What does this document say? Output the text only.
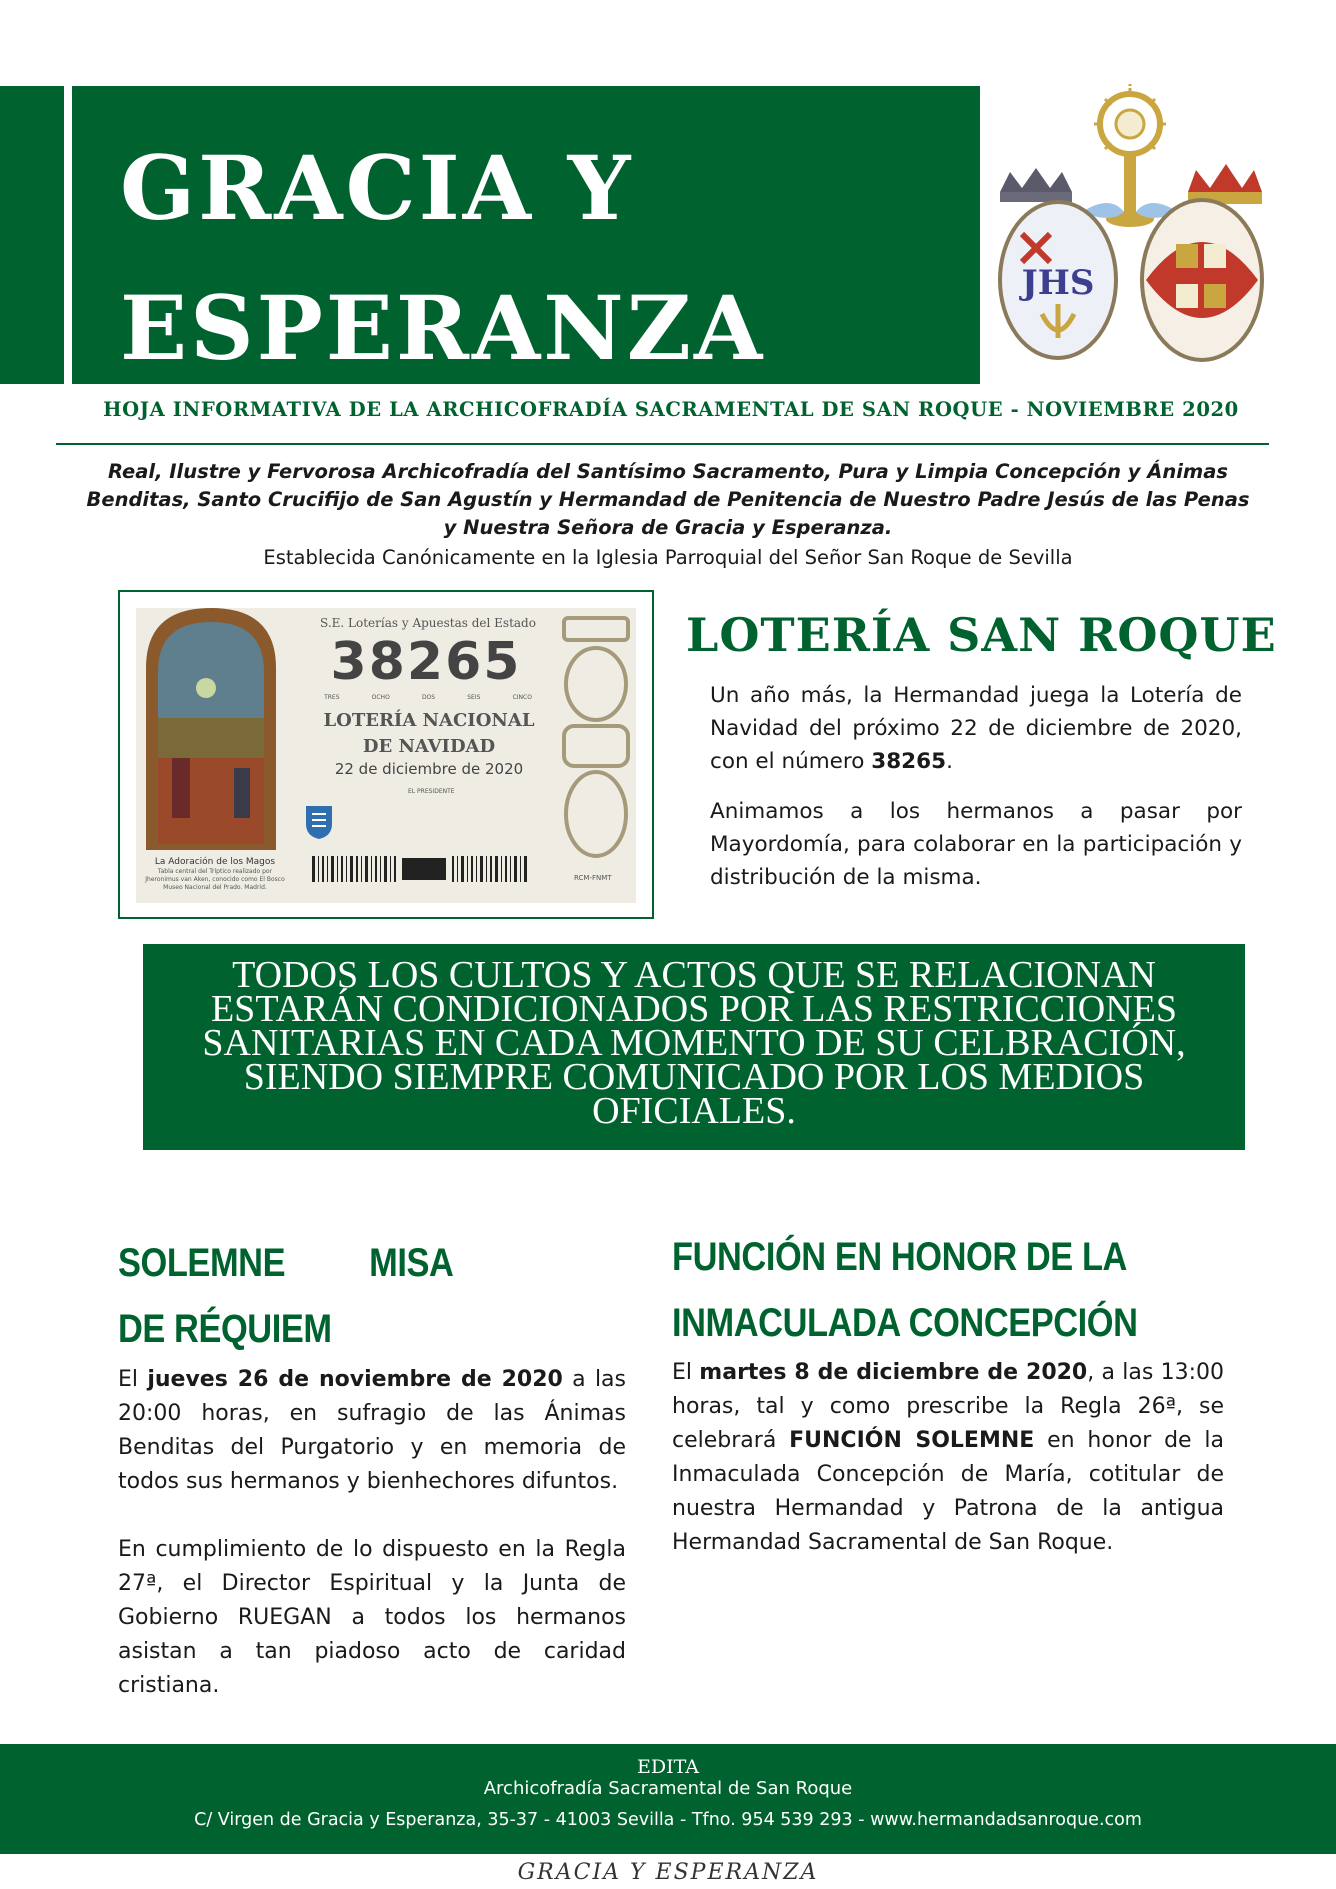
GRACIA Y
ESPERANZA	JHS
HOJA INFORMATIVA DE LA ARCHICOFRADÍA SACRAMENTAL DE SAN ROQUE - NOVIEMBRE 2020
Real, Ilustre y Fervorosa Archicofradía del Santísimo Sacramento, Pura y Limpia Concepción y Ánimas
Benditas, Santo Crucifijo de San Agustín y Hermandad de Penitencia de Nuestro Padre Jesús de las Penas
y Nuestra Señora de Gracia y Esperanza.
Establecida Canónicamente en la Iglesia Parroquial del Señor San Roque de Sevilla
La Adoración de los Magos
Tabla central del Tríptico realizado por
Jheronimus van Aken, conocido como El Bosco
Museo Nacional del Prado. Madrid.
S.E. Loterías y Apuestas del Estado
38265
TRES	OCHO	DOS	SEIS	CINCO
LOTERÍA NACIONAL
DE NAVIDAD
22 de diciembre de 2020
EL PRESIDENTE
RCM-FNMT
LOTERÍA SAN ROQUE

Un año más, la Hermandad juega la Lotería de Navidad del próximo 22 de diciembre de 2020, con el número 38265.

Animamos a los hermanos a pasar por Mayordomía, para colaborar en la participación y distribución de la misma.

TODOS LOS CULTOS Y ACTOS QUE SE RELACIONAN
ESTARÁN CONDICIONADOS POR LAS RESTRICCIONES
SANITARIAS EN CADA MOMENTO DE SU CELBRACIÓN,
SIENDO SIEMPRE COMUNICADO POR LOS MEDIOS
OFICIALES.
SOLEMNE MISA
DE RÉQUIEM

El jueves 26 de noviembre de 2020 a las 20:00 horas, en sufragio de las Ánimas Benditas del Purgatorio y en memoria de todos sus hermanos y bienhechores difuntos.

En cumplimiento de lo dispuesto en la Regla 27ª, el Director Espiritual y la Junta de Gobierno RUEGAN a todos los hermanos asistan a tan piadoso acto de caridad cristiana.

FUNCIÓN EN HONOR DE LA
INMACULADA CONCEPCIÓN

El martes 8 de diciembre de 2020, a las 13:00 horas, tal y como prescribe la Regla 26ª, se celebrará FUNCIÓN SOLEMNE en honor de la Inmaculada Concepción de María, cotitular de nuestra Hermandad y Patrona de la antigua Hermandad Sacramental de San Roque.

EDITA
Archicofradía Sacramental de San Roque
C/ Virgen de Gracia y Esperanza, 35-37 - 41003 Sevilla - Tfno. 954 539 293 - www.hermandadsanroque.com
GRACIA Y ESPERANZA
